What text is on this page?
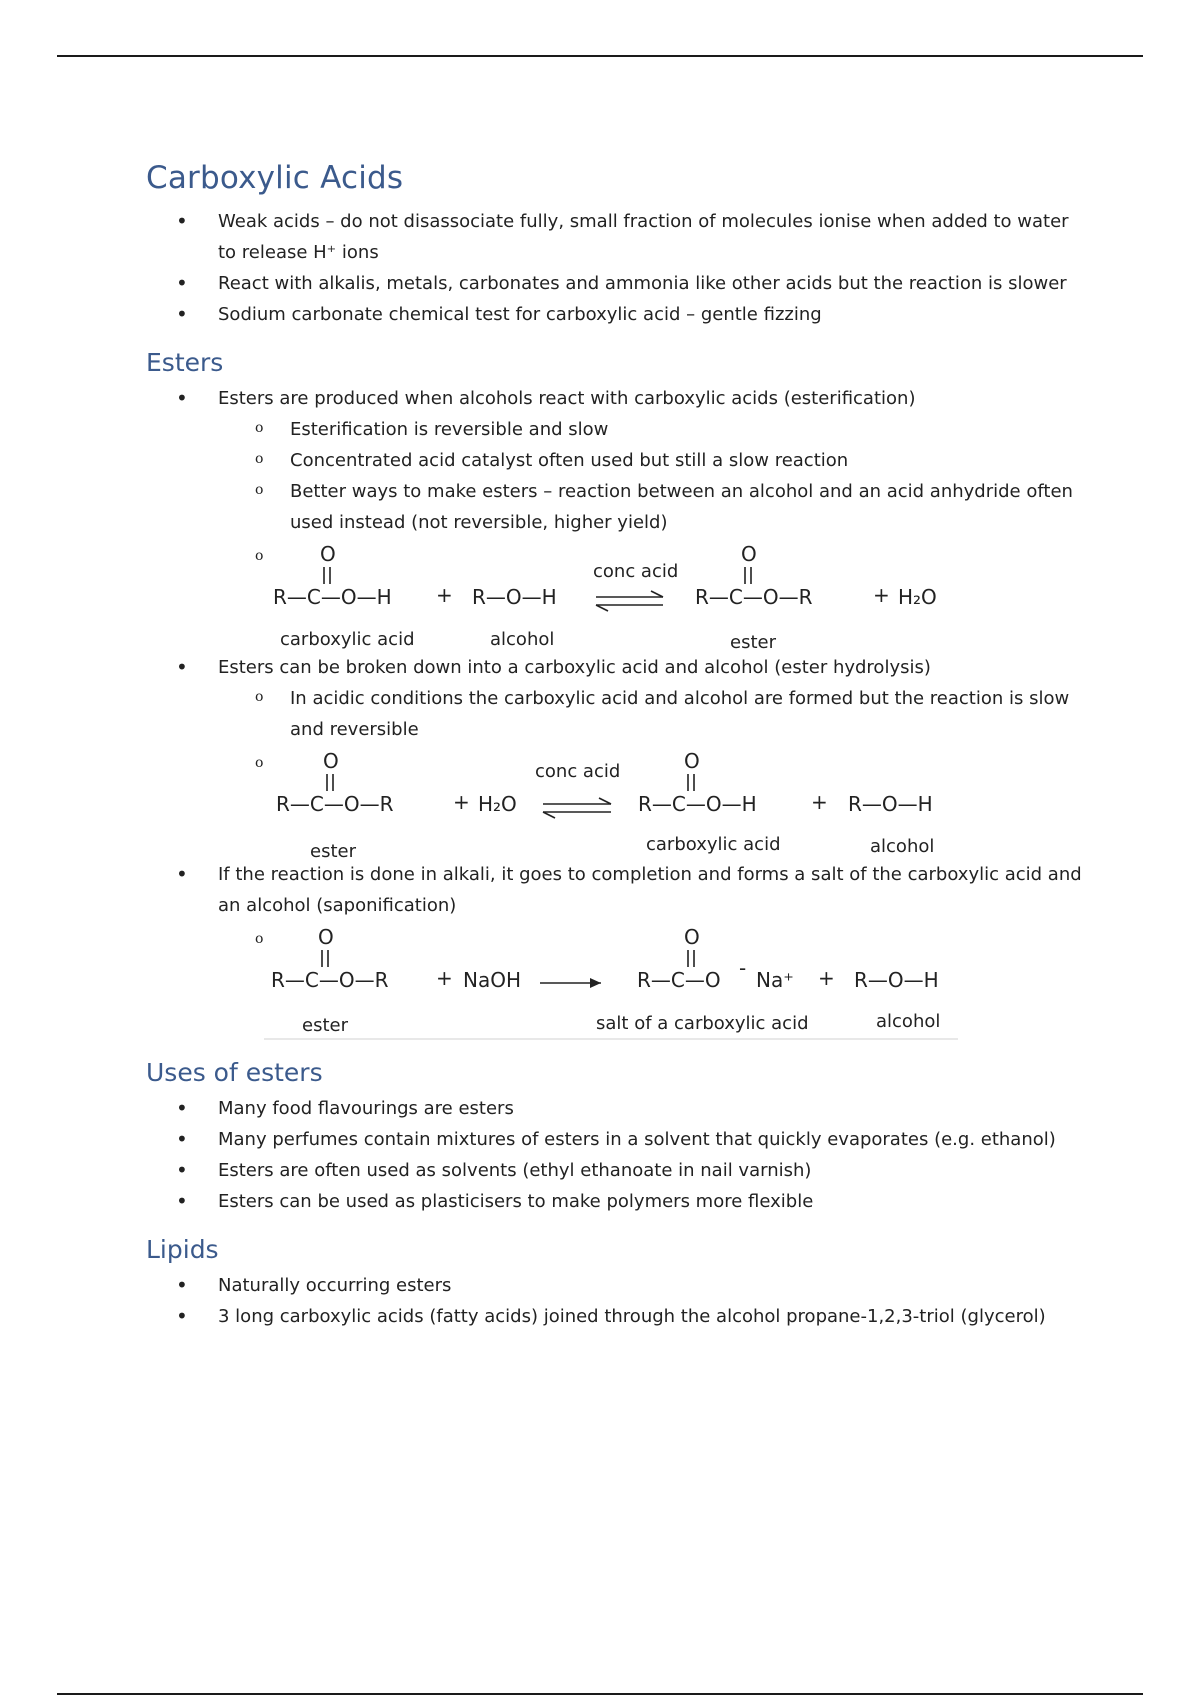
Carboxylic Acids
• Weak acids – do not disassociate fully, small fraction of molecules ionise when added to water to release H⁺ ions
• React with alkalis, metals, carbonates and ammonia like other acids but the reaction is slower
• Sodium carbonate chemical test for carboxylic acid – gentle fizzing
Esters
• Esters are produced when alcohols react with carboxylic acids (esterification)
o Esterification is reversible and slow
o Concentrated acid catalyst often used but still a slow reaction
o Better ways to make esters – reaction between an alcohol and an acid anhydride often used instead (not reversible, higher yield)
o O
R—C—O—H + R—O—H
conc acid
O
R—C—O—R	+ H₂O
carboxylic acid	alcohol	ester
• Esters can be broken down into a carboxylic acid and alcohol (ester hydrolysis)
o In acidic conditions the carboxylic acid and alcohol are formed but the reaction is slow and reversible
o O
R—C—O—R	+ H₂O
conc acid	O
R—C—O—H	+ R—O—H
ester	carboxylic acid	alcohol
• If the reaction is done in alkali, it goes to completion and forms a salt of the carboxylic acid and an alcohol (saponification)
o O
R—C—O—R + NaOH
O
R—C—O - Na⁺ + R—O—H
ester	salt of a carboxylic acid	alcohol
Uses of esters
• Many food flavourings are esters
• Many perfumes contain mixtures of esters in a solvent that quickly evaporates (e.g. ethanol)
• Esters are often used as solvents (ethyl ethanoate in nail varnish)
• Esters can be used as plasticisers to make polymers more flexible
Lipids
• Naturally occurring esters
• 3 long carboxylic acids (fatty acids) joined through the alcohol propane-1,2,3-triol (glycerol)
